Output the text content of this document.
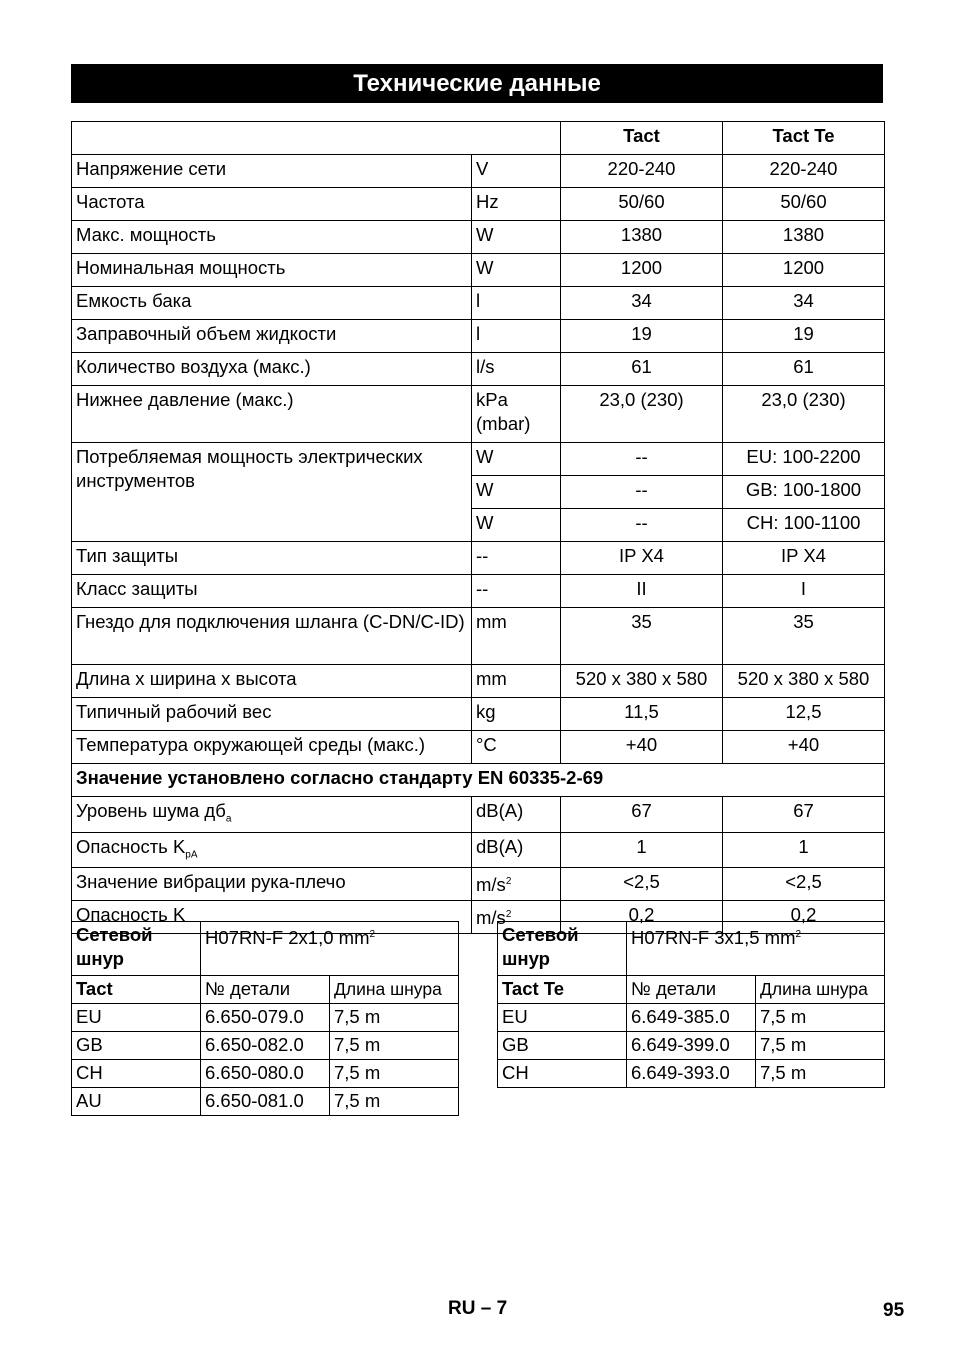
Технические данные
		Tact	Tact Te
Напряжение сети	V	220-240	220-240
Частота	Hz	50/60	50/60
Макс. мощность	W	1380	1380
Номинальная мощность	W	1200	1200
Емкость бака	l	34	34
Заправочный объем жидкости	l	19	19
Количество воздуха (макс.)	l/s	61	61
Нижнее давление (макс.)	kPa (mbar)	23,0 (230)	23,0 (230)
Потребляемая мощность электрических инструментов	W	--	EU: 100-2200
	W	--	GB: 100-1800
	W	--	CH: 100-1100
Тип защиты	--	IP X4	IP X4
Класс защиты	--	II	I
Гнездо для подключения шланга (C-DN/C-ID)	mm	35	35
Длина x ширина x высота	mm	520 x 380 x 580	520 x 380 x 580
Типичный рабочий вес	kg	11,5	12,5
Температура окружающей среды (макс.)	°C	+40	+40
Значение установлено согласно стандарту EN 60335-2-69			
Уровень шума $дб_a$	dB(A)	67	67
Опасность $K_{pA}$	dB(A)	1	1
Значение вибрации рука-плечо	$m/s^2$	<2,5	<2,5
Опасность K	$m/s^2$	0,2	0,2
Сетевой шнур	H07RN-F 2x1,0 $mm^2$
Tact	№ детали	Длина шнура
EU	6.650-079.0	7,5 m
GB	6.650-082.0	7,5 m
CH	6.650-080.0	7,5 m
AU	6.650-081.0	7,5 m
Сетевой шнур	H07RN-F 3x1,5 $mm^2$
Tact Te	№ детали	Длина шнура
EU	6.649-385.0	7,5 m
GB	6.649-399.0	7,5 m
CH	6.649-393.0	7,5 m
RU – 7	95
